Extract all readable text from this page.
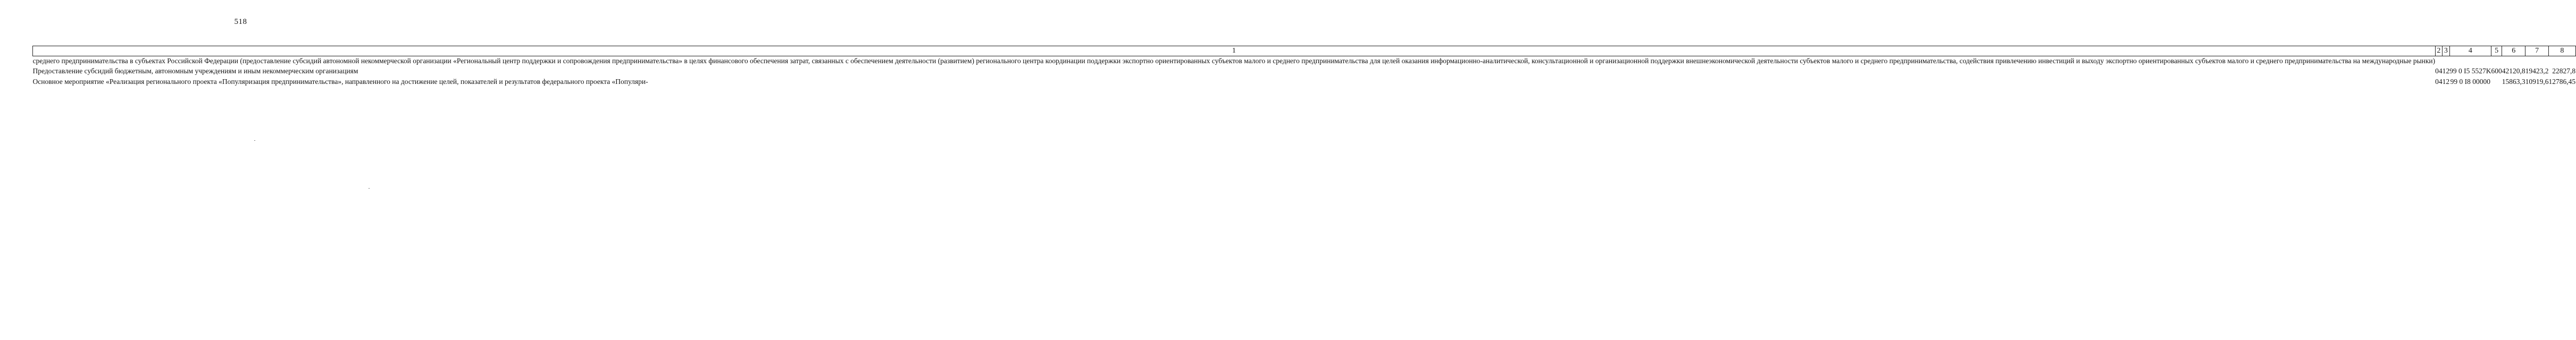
518
1	2	3	4	5	6	7	8
среднего предпринимательства в субъектах Российской Федерации (предоставление субсидий автономной некоммерческой организации «Региональный центр поддержки и сопровождения предпринимательства» в целях финансового обеспечения затрат, связанных с обеспечением деятельности (развитием) регионального центра координации поддержки экспортно ориентированных субъектов малого и среднего предпринимательства для целей оказания информационно-аналитической, консультационной и организационной поддержки внешнеэкономической деятельности субъектов малого и среднего предпринимательства, содействия привлечению инвестиций и выходу экспортно ориентированных субъектов малого и среднего предпринимательства на международные рынки)							

Предоставление субсидий бюджетным, автономным учреждениям и иным некоммерческим организациям	04	12	99 0 I5 5527K	600	42120,8	19423,2	22827,8

Основное мероприятие «Реализация регионального проекта «Популяризация предпринимательства», направленного на достижение целей, показателей и результатов федерального проекта «Популяри-	04	12	99 0 I8 00000		15863,3	10919,6	12786,45
